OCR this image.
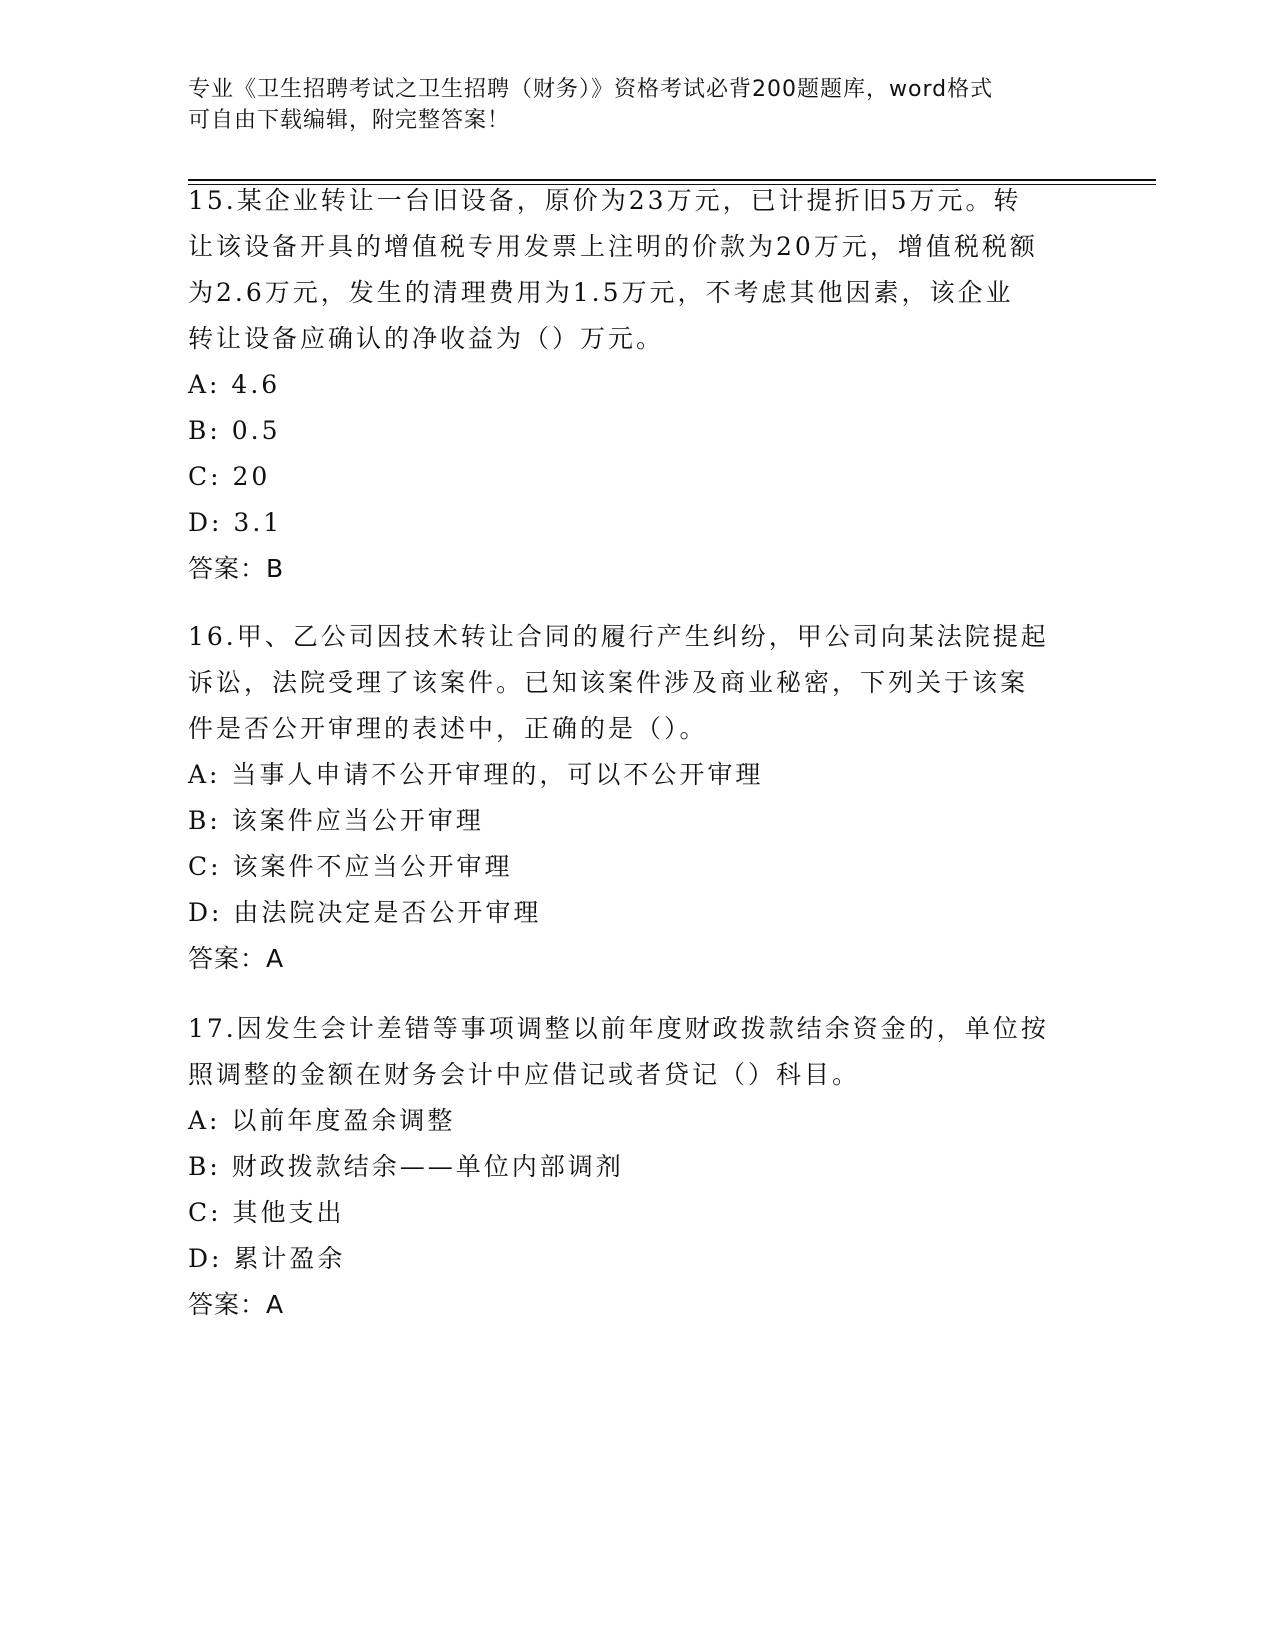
专业《卫生招聘考试之卫生招聘（财务）》资格考试必背200题题库，word格式
可自由下载编辑，附完整答案！
15.某企业转让一台旧设备，原价为23万元，已计提折旧5万元。转
让该设备开具的增值税专用发票上注明的价款为20万元，增值税税额
为2.6万元，发生的清理费用为1.5万元，不考虑其他因素，该企业
转让设备应确认的净收益为（）万元。
A: 4.6
B: 0.5
C: 20
D: 3.1
答案：B
16.甲、乙公司因技术转让合同的履行产生纠纷，甲公司向某法院提起
诉讼，法院受理了该案件。已知该案件涉及商业秘密，下列关于该案
件是否公开审理的表述中，正确的是（）。
A: 当事人申请不公开审理的，可以不公开审理
B: 该案件应当公开审理
C: 该案件不应当公开审理
D: 由法院决定是否公开审理
答案：A
17.因发生会计差错等事项调整以前年度财政拨款结余资金的，单位按
照调整的金额在财务会计中应借记或者贷记（）科目。
A: 以前年度盈余调整
B: 财政拨款结余——单位内部调剂
C: 其他支出
D: 累计盈余
答案：A
